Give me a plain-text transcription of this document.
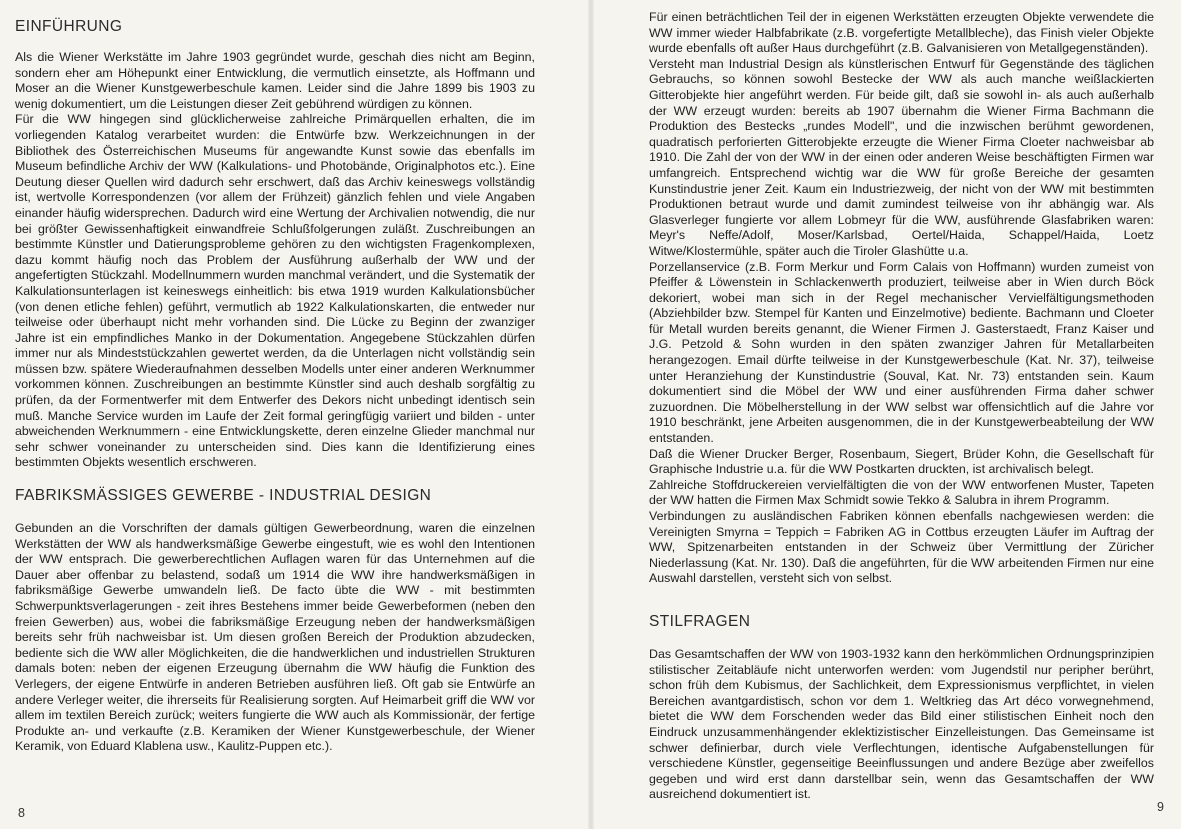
EINFÜHRUNG

Als die Wiener Werkstätte im Jahre 1903 gegründet wurde, geschah dies nicht am Beginn, sondern eher am Höhepunkt einer Entwicklung, die vermutlich einsetzte, als Hoffmann und Moser an die Wiener Kunstgewerbeschule kamen. Leider sind die Jahre 1899 bis 1903 zu wenig dokumentiert, um die Leistungen dieser Zeit gebührend würdigen zu können.

Für die WW hingegen sind glücklicherweise zahlreiche Primärquellen erhalten, die im vorliegenden Katalog verarbeitet wurden: die Entwürfe bzw. Werkzeichnungen in der Bibliothek des Österreichischen Museums für angewandte Kunst sowie das ebenfalls im Museum befindliche Archiv der WW (Kalkulations- und Photobände, Originalphotos etc.). Eine Deutung dieser Quellen wird dadurch sehr erschwert, daß das Archiv keineswegs vollständig ist, wertvolle Korrespondenzen (vor allem der Frühzeit) gänzlich fehlen und viele Angaben einander häufig widersprechen. Dadurch wird eine Wertung der Archivalien notwendig, die nur bei größter Gewissenhaftigkeit einwandfreie Schlußfolgerungen zuläßt. Zuschreibungen an bestimmte Künstler und Datierungsprobleme gehören zu den wichtigsten Fragenkomplexen, dazu kommt häufig noch das Problem der Ausführung außerhalb der WW und der angefertigten Stückzahl. Modellnummern wurden manchmal verändert, und die Systematik der Kalkulationsunterlagen ist keineswegs einheitlich: bis etwa 1919 wurden Kalkulationsbücher (von denen etliche fehlen) geführt, vermutlich ab 1922 Kalkulationskarten, die entweder nur teilweise oder überhaupt nicht mehr vorhanden sind. Die Lücke zu Beginn der zwanziger Jahre ist ein empfindliches Manko in der Dokumentation. Angegebene Stückzahlen dürfen immer nur als Mindeststückzahlen gewertet werden, da die Unterlagen nicht vollständig sein müssen bzw. spätere Wiederaufnahmen desselben Modells unter einer anderen Werknummer vorkommen können. Zuschreibungen an bestimmte Künstler sind auch deshalb sorgfältig zu prüfen, da der Formentwerfer mit dem Entwerfer des Dekors nicht unbedingt identisch sein muß. Manche Service wurden im Laufe der Zeit formal geringfügig variiert und bilden - unter abweichenden Werknummern - eine Entwicklungskette, deren einzelne Glieder manchmal nur sehr schwer voneinander zu unterscheiden sind. Dies kann die Identifizierung eines bestimmten Objekts wesentlich erschweren.

FABRIKSMÄSSIGES GEWERBE - INDUSTRIAL DESIGN

Gebunden an die Vorschriften der damals gültigen Gewerbeordnung, waren die einzelnen Werkstätten der WW als handwerksmäßige Gewerbe eingestuft, wie es wohl den Intentionen der WW entsprach. Die gewerberechtlichen Auflagen waren für das Unternehmen auf die Dauer aber offenbar zu belastend, sodaß um 1914 die WW ihre handwerksmäßigen in fabriksmäßige Gewerbe umwandeln ließ. De facto übte die WW - mit bestimmten Schwerpunktsverlagerungen - zeit ihres Bestehens immer beide Gewerbeformen (neben den freien Gewerben) aus, wobei die fabriksmäßige Erzeugung neben der handwerksmäßigen bereits sehr früh nachweisbar ist. Um diesen großen Bereich der Produktion abzudecken, bediente sich die WW aller Möglichkeiten, die die handwerklichen und industriellen Strukturen damals boten: neben der eigenen Erzeugung übernahm die WW häufig die Funktion des Verlegers, der eigene Entwürfe in anderen Betrieben ausführen ließ. Oft gab sie Entwürfe an andere Verleger weiter, die ihrerseits für Realisierung sorgten. Auf Heimarbeit griff die WW vor allem im textilen Bereich zurück; weiters fungierte die WW auch als Kommissionär, der fertige Produkte an- und verkaufte (z.B. Keramiken der Wiener Kunstgewerbeschule, der Wiener Keramik, von Eduard Klablena usw., Kaulitz-Puppen etc.).

8

Für einen beträchtlichen Teil der in eigenen Werkstätten erzeugten Objekte verwendete die WW immer wieder Halbfabrikate (z.B. vorgefertigte Metallbleche), das Finish vieler Objekte wurde ebenfalls oft außer Haus durchgeführt (z.B. Galvanisieren von Metallgegenständen).

Versteht man Industrial Design als künstlerischen Entwurf für Gegenstände des täglichen Gebrauchs, so können sowohl Bestecke der WW als auch manche weißlackierten Gitterobjekte hier angeführt werden. Für beide gilt, daß sie sowohl in- als auch außerhalb der WW erzeugt wurden: bereits ab 1907 übernahm die Wiener Firma Bachmann die Produktion des Bestecks „rundes Modell", und die inzwischen berühmt gewordenen, quadratisch perforierten Gitterobjekte erzeugte die Wiener Firma Cloeter nachweisbar ab 1910. Die Zahl der von der WW in der einen oder anderen Weise beschäftigten Firmen war umfangreich. Entsprechend wichtig war die WW für große Bereiche der gesamten Kunstindustrie jener Zeit. Kaum ein Industriezweig, der nicht von der WW mit bestimmten Produktionen betraut wurde und damit zumindest teilweise von ihr abhängig war. Als Glasverleger fungierte vor allem Lobmeyr für die WW, ausführende Glasfabriken waren: Meyr's Neffe/Adolf, Moser/Karlsbad, Oertel/Haida, Schappel/Haida, Loetz Witwe/Klostermühle, später auch die Tiroler Glashütte u.a.

Porzellanservice (z.B. Form Merkur und Form Calais von Hoffmann) wurden zumeist von Pfeiffer & Löwenstein in Schlackenwerth produziert, teilweise aber in Wien durch Böck dekoriert, wobei man sich in der Regel mechanischer Vervielfältigungsmethoden (Abziehbilder bzw. Stempel für Kanten und Einzelmotive) bediente. Bachmann und Cloeter für Metall wurden bereits genannt, die Wiener Firmen J. Gasterstaedt, Franz Kaiser und J.G. Petzold & Sohn wurden in den späten zwanziger Jahren für Metallarbeiten herangezogen. Email dürfte teilweise in der Kunstgewerbeschule (Kat. Nr. 37), teilweise unter Heranziehung der Kunstindustrie (Souval, Kat. Nr. 73) entstanden sein. Kaum dokumentiert sind die Möbel der WW und einer ausführenden Firma daher schwer zuzuordnen. Die Möbelherstellung in der WW selbst war offensichtlich auf die Jahre vor 1910 beschränkt, jene Arbeiten ausgenommen, die in der Kunstgewerbeabteilung der WW entstanden.

Daß die Wiener Drucker Berger, Rosenbaum, Siegert, Brüder Kohn, die Gesellschaft für Graphische Industrie u.a. für die WW Postkarten druckten, ist archivalisch belegt.

Zahlreiche Stoffdruckereien vervielfältigten die von der WW entworfenen Muster, Tapeten der WW hatten die Firmen Max Schmidt sowie Tekko & Salubra in ihrem Programm.

Verbindungen zu ausländischen Fabriken können ebenfalls nachgewiesen werden: die Vereinigten Smyrna = Teppich = Fabriken AG in Cottbus erzeugten Läufer im Auftrag der WW, Spitzenarbeiten entstanden in der Schweiz über Vermittlung der Züricher Niederlassung (Kat. Nr. 130). Daß die angeführten, für die WW arbeitenden Firmen nur eine Auswahl darstellen, versteht sich von selbst.

STILFRAGEN

Das Gesamtschaffen der WW von 1903-1932 kann den herkömmlichen Ordnungsprinzipien stilistischer Zeitabläufe nicht unterworfen werden: vom Jugendstil nur peripher berührt, schon früh dem Kubismus, der Sachlichkeit, dem Expressionismus verpflichtet, in vielen Bereichen avantgardistisch, schon vor dem 1. Weltkrieg das Art déco vorwegnehmend, bietet die WW dem Forschenden weder das Bild einer stilistischen Einheit noch den Eindruck unzusammenhängender eklektizistischer Einzelleistungen. Das Gemeinsame ist schwer definierbar, durch viele Verflechtungen, identische Aufgabenstellungen für verschiedene Künstler, gegenseitige Beeinflussungen und andere Bezüge aber zweifellos gegeben und wird erst dann darstellbar sein, wenn das Gesamtschaffen der WW ausreichend dokumentiert ist.

9
